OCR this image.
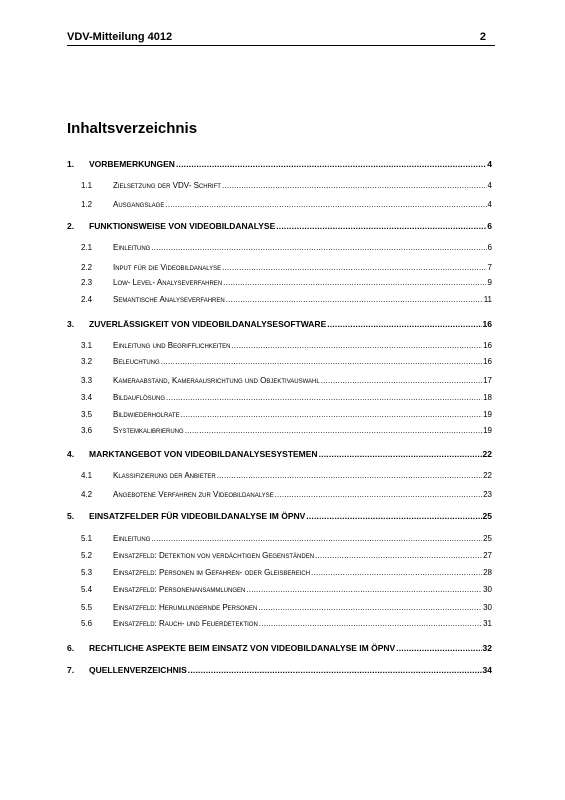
VDV-Mitteilung 4012	2
Inhaltsverzeichnis
1. VORBEMERKUNGEN .....	4
1.1	Zielsetzung der VDV- Schrift .....	4
1.2	Ausgangslage .....	4
2. FUNKTIONSWEISE VON VIDEOBILDANALYSE .....	6
2.1	Einleitung .....	6
2.2	Input für die Videobildanalyse .....	7
2.3	Low- Level- Analyseverfahren .....	9
2.4	Semantische Analyseverfahren .....	11
3. ZUVERLÄSSIGKEIT VON VIDEOBILDANALYSESOFTWARE .....	16
3.1	Einleitung und Begrifflichkeiten .....	16
3.2	Beleuchtung .....	16
3.3	Kameraabstand, Kameraausrichtung und Objektivauswahl .....	17
3.4	Bildauflösung .....	18
3.5	Bildwiederholrate .....	19
3.6	Systemkalibrierung .....	19
4. MARKTANGEBOT VON VIDEOBILDANALYSESYSTEMEN .....	22
4.1	Klassifizierung der Anbieter .....	22
4.2	Angebotene Verfahren zur Videobildanalyse .....	23
5. EINSATZFELDER FÜR VIDEOBILDANALYSE IM ÖPNV .....	25
5.1	Einleitung .....	25
5.2	Einsatzfeld: Detektion von verdächtigen Gegenständen .....	27
5.3	Einsatzfeld: Personen im Gefahren- oder Gleisbereich .....	28
5.4	Einsatzfeld: Personenansammlungen .....	30
5.5	Einsatzfeld: Herumlungernde Personen .....	30
5.6	Einsatzfeld: Rauch- und Feuerdetektion .....	31
6. RECHTLICHE ASPEKTE BEIM EINSATZ VON VIDEOBILDANALYSE IM ÖPNV .....	32
7. QUELLENVERZEICHNIS .....	34
